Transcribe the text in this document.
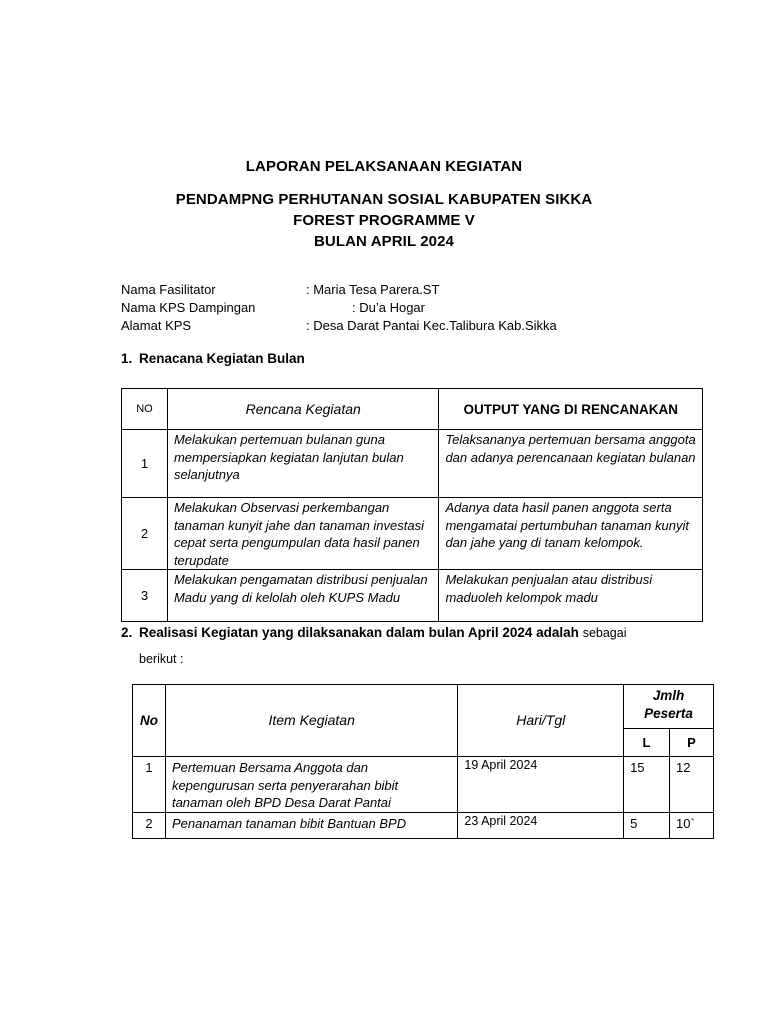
LAPORAN PELAKSANAAN KEGIATAN
PENDAMPNG PERHUTANAN SOSIAL KABUPATEN SIKKA
FOREST PROGRAMME V
BULAN APRIL 2024
Nama Fasilitator	: Maria Tesa Parera.ST
Nama KPS Dampingan	: Du’a Hogar
Alamat KPS	: Desa Darat Pantai Kec.Talibura Kab.Sikka
1. Renacana Kegiatan Bulan
NO	Rencana Kegiatan	OUTPUT YANG DI RENCANAKAN
1	Melakukan pertemuan bulanan guna mempersiapkan kegiatan lanjutan bulan selanjutnya	Telaksananya pertemuan bersama anggota dan adanya perencanaan kegiatan bulanan
2	Melakukan Observasi perkembangan tanaman kunyit jahe dan tanaman investasi cepat serta pengumpulan data hasil panen terupdate	Adanya data hasil panen anggota serta mengamatai pertumbuhan tanaman kunyit dan jahe yang di tanam kelompok.
3	Melakukan pengamatan distribusi penjualan Madu yang di kelolah oleh KUPS Madu	Melakukan penjualan atau distribusi maduoleh kelompok madu
2. Realisasi Kegiatan yang dilaksanakan dalam bulan April 2024 adalah sebagai
berikut :
No	Item Kegiatan	Hari/Tgl	Jmlh
Peserta	

			L	P
1	Pertemuan Bersama Anggota dan kepengurusan serta penyerarahan bibit tanaman oleh BPD Desa Darat Pantai	19 April 2024	15	12
2	Penanaman tanaman bibit Bantuan BPD	23 April 2024	5	10`
